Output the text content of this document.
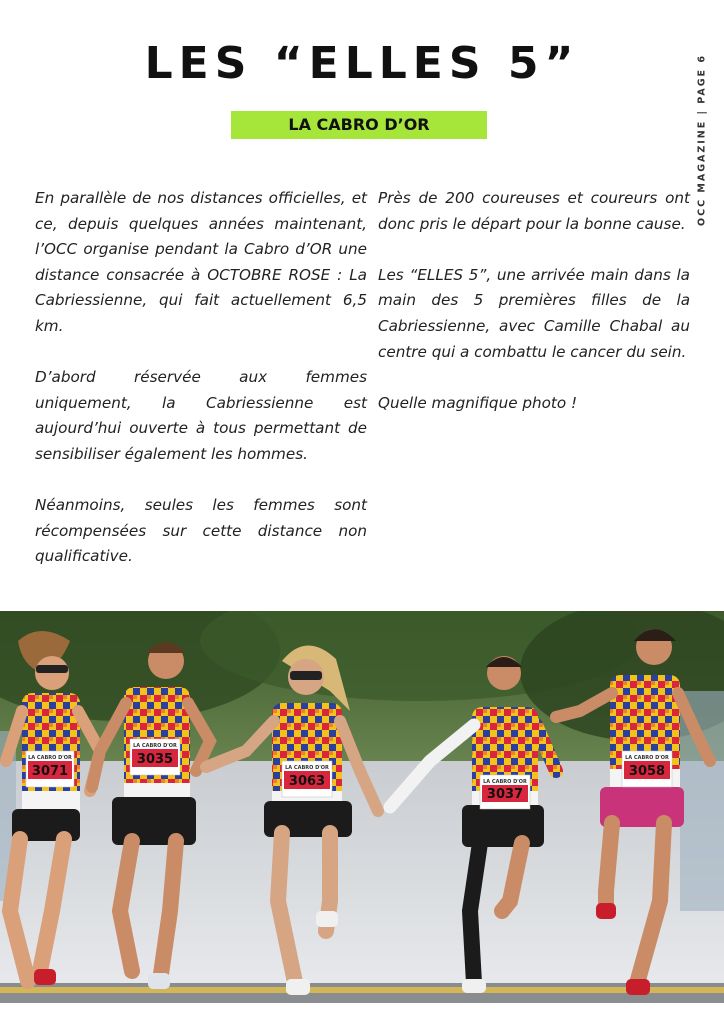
LES “ELLES 5”
LA CABRO D’OR	OCC MAGAZINE | PAGE 6

En parallèle de nos distances officielles, et ce, depuis quelques années maintenant, l’OCC organise pendant la Cabro d’OR une distance consacrée à OCTOBRE ROSE : La Cabriessienne, qui fait actuellement 6,5 km.

D’abord réservée aux femmes uniquement, la Cabriessienne est aujourd’hui ouverte à tous permettant de sensibiliser également les hommes.

Néanmoins, seules les femmes sont récompensées sur cette distance non qualificative.

Près de 200 coureuses et coureurs ont donc pris le départ pour la bonne cause.

Les “ELLES 5”, une arrivée main dans la main des 5 premières filles de la Cabriessienne, avec Camille Chabal au centre qui a combattu le cancer du sein.

Quelle magnifique photo !

LA CABRO D'OR
3071
LA CABRO D'OR
3035
LA CABRO D'OR
3063	LA CABRO D'OR
3037
LA CABRO D'OR
3058
